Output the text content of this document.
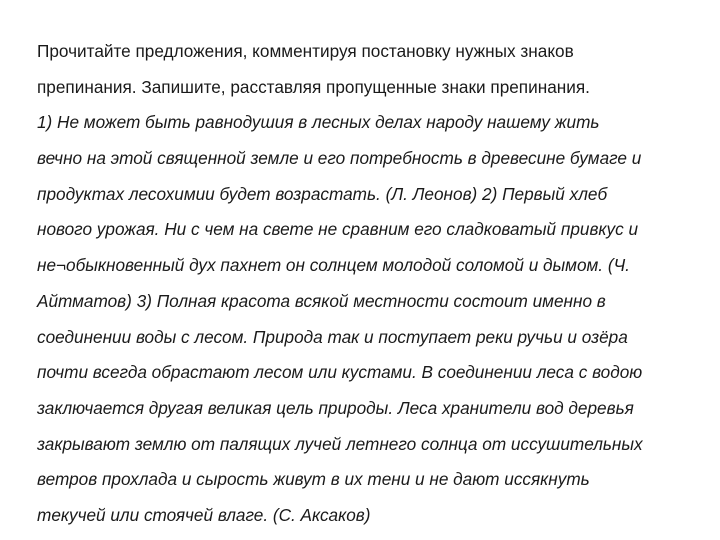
Прочитайте предложения, комментируя постановку нужных знаков
препинания. Запишите, расставляя пропущенные знаки препинания.
1) Не может быть равнодушия в лесных делах народу нашему жить
вечно на этой священной земле и его потребность в древесине бумаге и
продуктах лесохимии будет возрастать. (Л. Леонов) 2) Первый хлеб
нового урожая. Ни с чем на свете не сравним его сладковатый привкус и
не¬обыкновенный дух пахнет он солнцем молодой соломой и дымом. (Ч.
Айтматов) 3) Полная красота всякой местности состоит именно в
соединении воды с лесом. Природа так и поступает реки ручьи и озёра
почти всегда обрастают лесом или кустами. В соединении леса с водою
заключается другая великая цель природы. Леса хранители вод деревья
закрывают землю от палящих лучей летнего солнца от иссушительных
ветров прохлада и сырость живут в их тени и не дают иссякнуть
текучей или стоячей влаге. (С. Аксаков)
